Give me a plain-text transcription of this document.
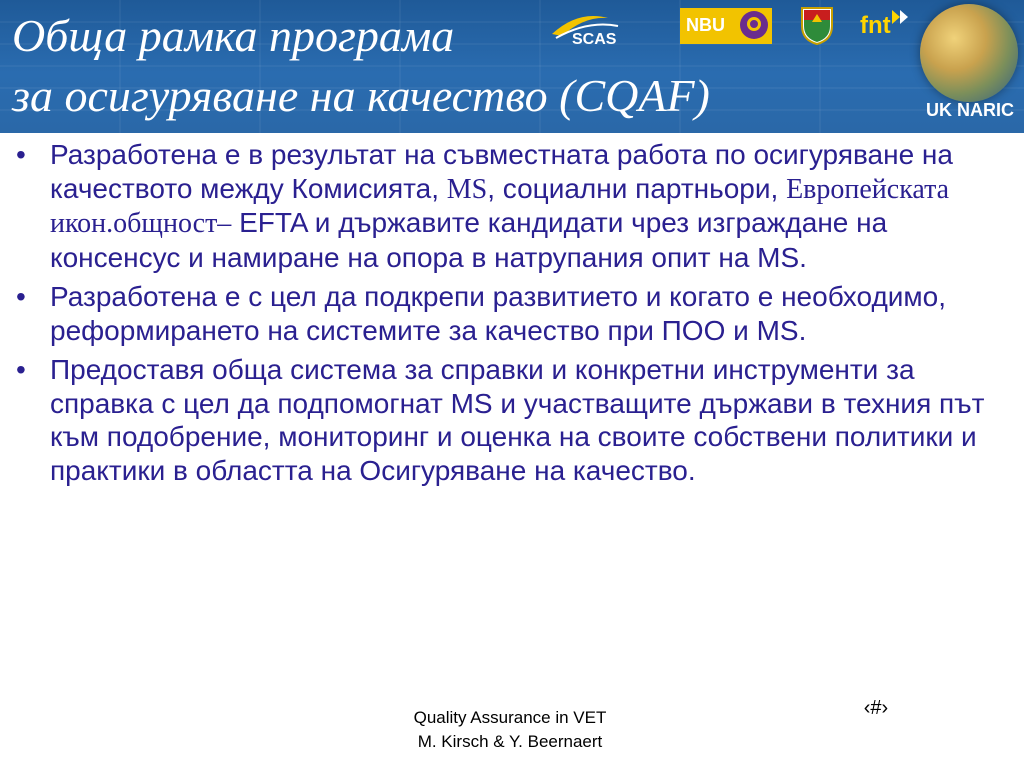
Обща рамка програма
за осигуряване на качество (CQAF)
SCAS
NBU	fnt
UK NARIC
• Разработена е в результат на съвместната работа по осигуряване на качеството между Комисията, MS, социални партньори, Европейската икон.общност– EFTA и държавите кандидати чрез изграждане на консенсус и намиране на опора в натрупания опит на MS.
• Разработена е с цел да подкрепи развитието и когато е необходимо, реформирането на системите за качество при ПОО и MS.
• Предоставя обща система за справки и конкретни инструменти за справка с цел да подпомогнат MS и участващите държави в техния път към подобрение, мониторинг и оценка на своите собствени политики и практики в областта на Осигуряване на качество.
Quality Assurance in VET
M. Kirsch & Y. Beernaert
‹#›
